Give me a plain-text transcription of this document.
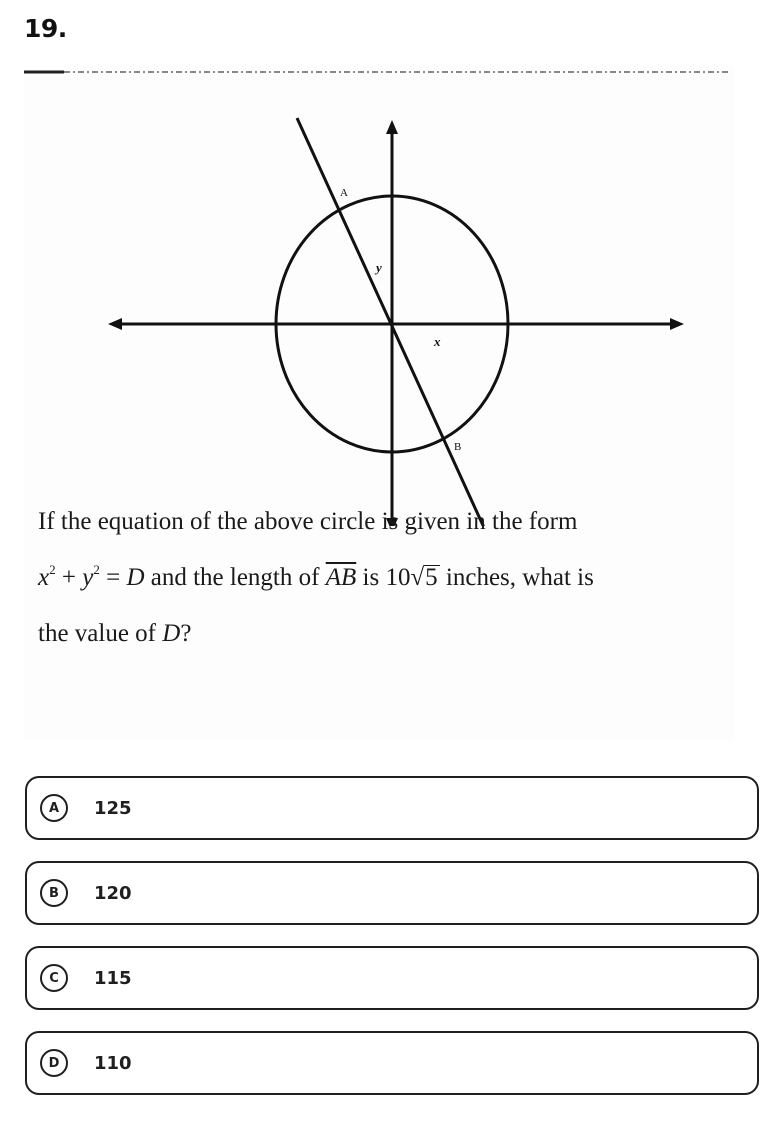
19.
A
B
y
x
If the equation of the above circle is given in the form
$x^2 + y^2 = D$ and the length of $\overline{AB}$ is 10√5 inches, what is
the value of D?
A	125
B	120
C	115
D	110
